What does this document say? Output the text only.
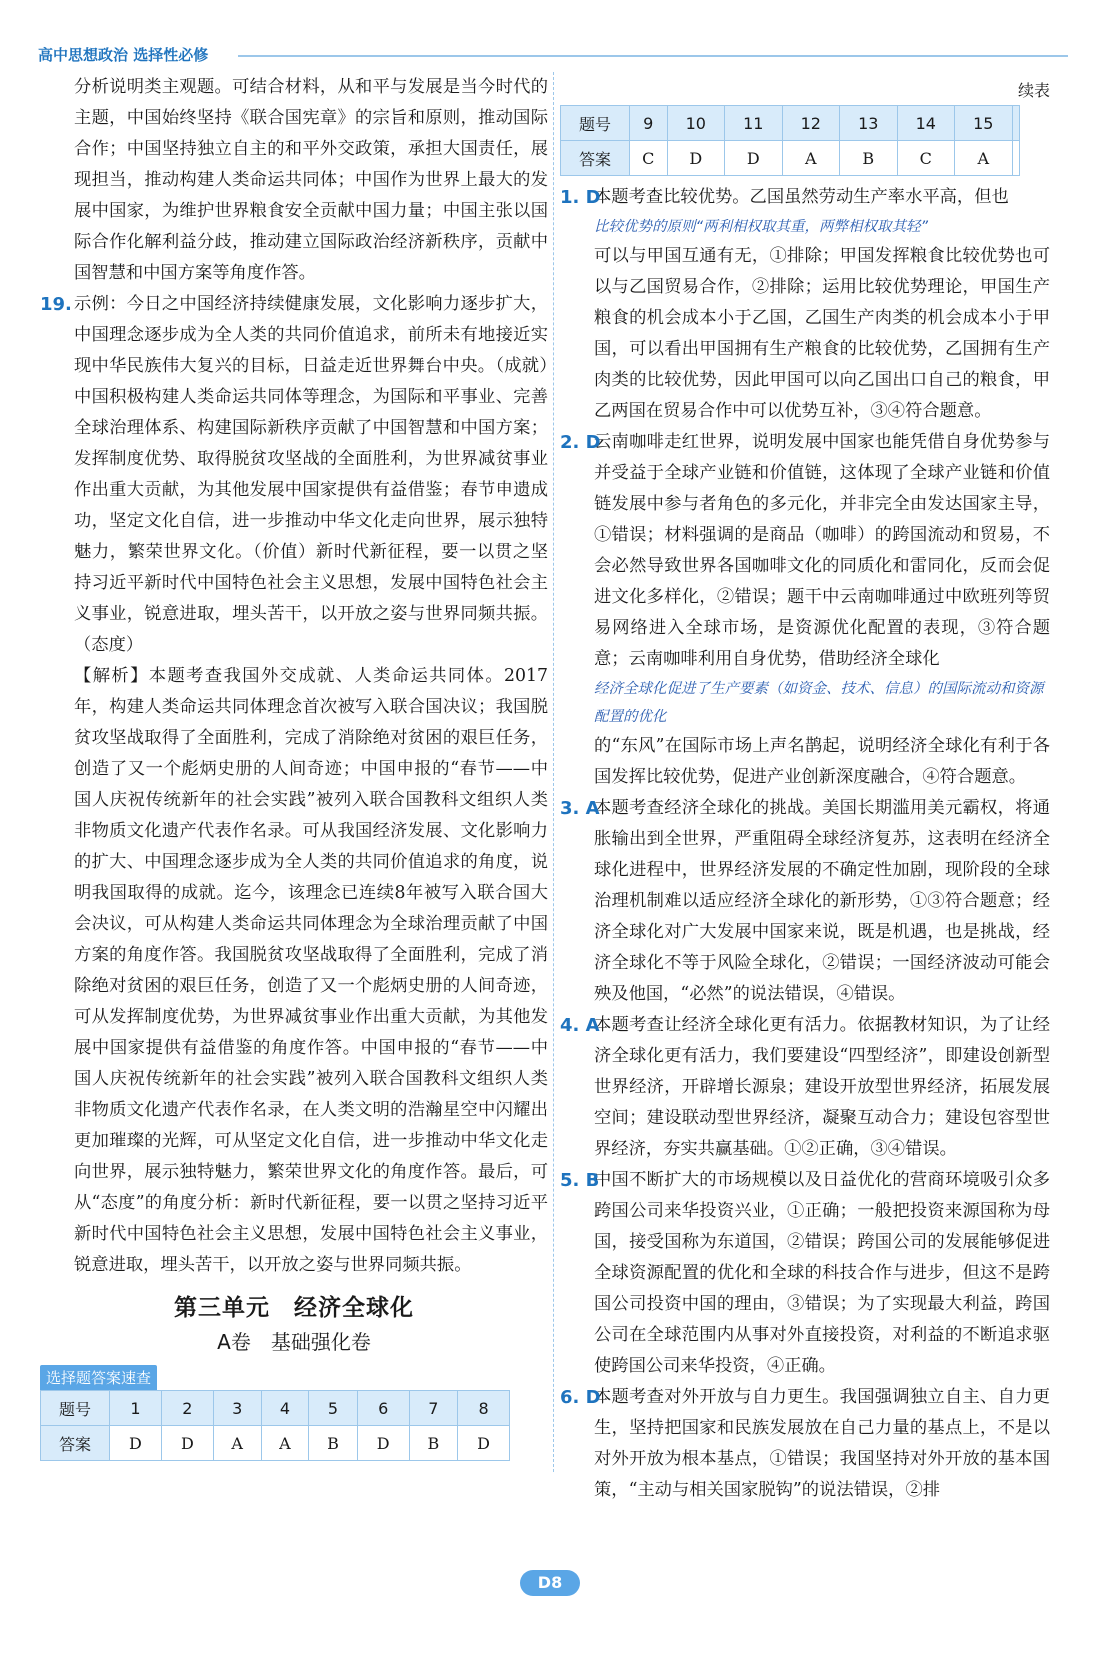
高中思想政治 选择性必修

分析说明类主观题。可结合材料，从和平与发展是当今时代的主题，中国始终坚持《联合国宪章》的宗旨和原则，推动国际合作；中国坚持独立自主的和平外交政策，承担大国责任，展现担当，推动构建人类命运共同体；中国作为世界上最大的发展中国家，为维护世界粮食安全贡献中国力量；中国主张以国际合作化解利益分歧，推动建立国际政治经济新秩序，贡献中国智慧和中国方案等角度作答。

19. 示例：今日之中国经济持续健康发展，文化影响力逐步扩大，中国理念逐步成为全人类的共同价值追求，前所未有地接近实现中华民族伟大复兴的目标，日益走近世界舞台中央。（成就）中国积极构建人类命运共同体等理念，为国际和平事业、完善全球治理体系、构建国际新秩序贡献了中国智慧和中国方案；发挥制度优势、取得脱贫攻坚战的全面胜利，为世界减贫事业作出重大贡献，为其他发展中国家提供有益借鉴；春节申遗成功，坚定文化自信，进一步推动中华文化走向世界，展示独特魅力，繁荣世界文化。（价值）新时代新征程，要一以贯之坚持习近平新时代中国特色社会主义思想，发展中国特色社会主义事业，锐意进取，埋头苦干，以开放之姿与世界同频共振。（态度）

【解析】本题考查我国外交成就、人类命运共同体。2017年，构建人类命运共同体理念首次被写入联合国决议；我国脱贫攻坚战取得了全面胜利，完成了消除绝对贫困的艰巨任务，创造了又一个彪炳史册的人间奇迹；中国申报的“春节——中国人庆祝传统新年的社会实践”被列入联合国教科文组织人类非物质文化遗产代表作名录。可从我国经济发展、文化影响力的扩大、中国理念逐步成为全人类的共同价值追求的角度，说明我国取得的成就。迄今，该理念已连续8年被写入联合国大会决议，可从构建人类命运共同体理念为全球治理贡献了中国方案的角度作答。我国脱贫攻坚战取得了全面胜利，完成了消除绝对贫困的艰巨任务，创造了又一个彪炳史册的人间奇迹，可从发挥制度优势，为世界减贫事业作出重大贡献，为其他发展中国家提供有益借鉴的角度作答。中国申报的“春节——中国人庆祝传统新年的社会实践”被列入联合国教科文组织人类非物质文化遗产代表作名录，在人类文明的浩瀚星空中闪耀出更加璀璨的光辉，可从坚定文化自信，进一步推动中华文化走向世界，展示独特魅力，繁荣世界文化的角度作答。最后，可从“态度”的角度分析：新时代新征程，要一以贯之坚持习近平新时代中国特色社会主义思想，发展中国特色社会主义事业，锐意进取，埋头苦干，以开放之姿与世界同频共振。

第三单元　经济全球化
A卷　基础强化卷
选择题答案速查
题号	1	2	3	4	5	6	7	8
答案	D	D	A	A	B	D	B	D
续表
题号	9	10	11	12	13	14	15	
答案	C	D	D	A	B	C	A	
1. D

本题考查比较优势。乙国虽然劳动生产率水平高，但也

比较优势的原则“两利相权取其重，两弊相权取其轻”

可以与甲国互通有无，①排除；甲国发挥粮食比较优势也可以与乙国贸易合作，②排除；运用比较优势理论，甲国生产粮食的机会成本小于乙国，乙国生产肉类的机会成本小于甲国，可以看出甲国拥有生产粮食的比较优势，乙国拥有生产肉类的比较优势，因此甲国可以向乙国出口自己的粮食，甲乙两国在贸易合作中可以优势互补，③④符合题意。

2. D

云南咖啡走红世界，说明发展中国家也能凭借自身优势参与并受益于全球产业链和价值链，这体现了全球产业链和价值链发展中参与者角色的多元化，并非完全由发达国家主导，①错误；材料强调的是商品（咖啡）的跨国流动和贸易，不会必然导致世界各国咖啡文化的同质化和雷同化，反而会促进文化多样化，②错误；题干中云南咖啡通过中欧班列等贸易网络进入全球市场，是资源优化配置的表现，③符合题意；云南咖啡利用自身优势，借助经济全球化

经济全球化促进了生产要素（如资金、技术、信息）的国际流动和资源配置的优化

的“东风”在国际市场上声名鹊起，说明经济全球化有利于各国发挥比较优势，促进产业创新深度融合，④符合题意。

3. A

本题考查经济全球化的挑战。美国长期滥用美元霸权，将通胀输出到全世界，严重阻碍全球经济复苏，这表明在经济全球化进程中，世界经济发展的不确定性加剧，现阶段的全球治理机制难以适应经济全球化的新形势，①③符合题意；经济全球化对广大发展中国家来说，既是机遇，也是挑战，经济全球化不等于风险全球化，②错误；一国经济波动可能会殃及他国，“必然”的说法错误，④错误。

4. A

本题考查让经济全球化更有活力。依据教材知识，为了让经济全球化更有活力，我们要建设“四型经济”，即建设创新型世界经济，开辟增长源泉；建设开放型世界经济，拓展发展空间；建设联动型世界经济，凝聚互动合力；建设包容型世界经济，夯实共赢基础。①②正确，③④错误。

5. B

中国不断扩大的市场规模以及日益优化的营商环境吸引众多跨国公司来华投资兴业，①正确；一般把投资来源国称为母国，接受国称为东道国，②错误；跨国公司的发展能够促进全球资源配置的优化和全球的科技合作与进步，但这不是跨国公司投资中国的理由，③错误；为了实现最大利益，跨国公司在全球范围内从事对外直接投资，对利益的不断追求驱使跨国公司来华投资，④正确。

6. D

本题考查对外开放与自力更生。我国强调独立自主、自力更生，坚持把国家和民族发展放在自己力量的基点上，不是以对外开放为根本基点，①错误；我国坚持对外开放的基本国策，“主动与相关国家脱钩”的说法错误，②排

D8
